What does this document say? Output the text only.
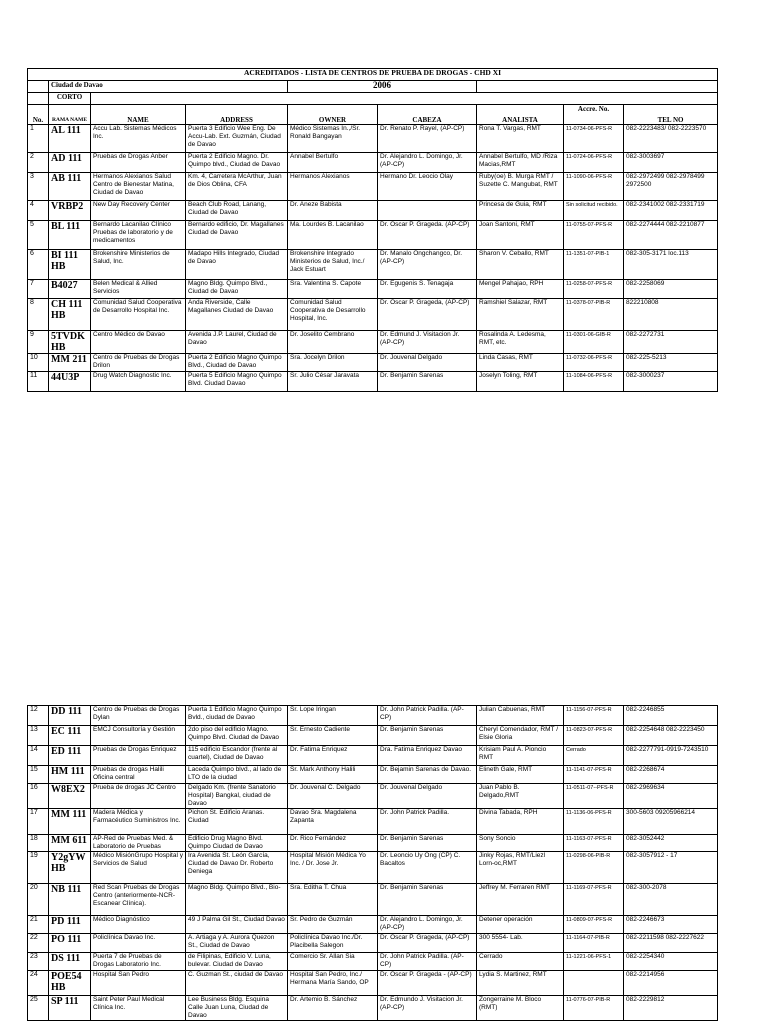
ACREDITADOS - LISTA DE CENTROS DE PRUEBA DE DROGAS - CHD XI								
	Ciudad de Davao			2006				
	CORTO							
No.	RAMA NAME	NAME	ADDRESS	OWNER	CABEZA	ANALISTA	Accre. No.	TEL NO
1	AL 111	Accu Lab. Sistemas Médicos Inc.	Puerta 3 Edificio Wee Eng. De Accu-Lab. Ext. Guzmán, Ciudad de Davao	Médico Sistemas In.,/Sr. Ronald Bangayan	Dr. Renato P. Rayel, (AP-CP)	Rona T. Vargas, RMT	11-0734-06-PFS-R	082-2223483/ 082-2223570
2	AD 111	Pruebas de Drogas Anber	Puerta 2 Edificio Magno. Dr. Quimpo blvd., Ciudad de Davao	Annabel Bertulfo	Dr. Alejandro L. Domingo, Jr. (AP-CP)	Annabel Bertulfo, MD /Riza Macias,RMT	11-0724-06-PFS-R	082-3003697
3	AB 111	Hermanos Alexianos Salud Centro de Bienestar Matina, Ciudad de Davao	Km. 4, Carretera McArthur, Juan de Dios Oblina, CFA	Hermanos Alexianos	Hermano Dr. Leocio Olay	Ruby(oe) B. Murga RMT / Suzette C. Mangubat, RMT	11-1090-06-PFS-R	082-2972499 082-2978499 2972500
4	VRBP2	New Day Recovery Center	Beach Club Road, Lanang, Ciudad de Davao	Dr. Aneze Babista		Princesa de Guia, RMT	Sin solicitud recibido.	082-2341002 082-2331719
5	BL 111	Bernardo Lacanilao Clínico Pruebas de laboratorio y de medicamentos	Bernardo edificio, Dr. Magallanes Ciudad de Davao	Ma. Lourdes B. Lacanilao	Dr. Oscar P. Grageda. (AP-CP)	Joan Santoni, RMT	11-0755-07-PFS-R	082-2274444 082-2210877
6	BI 111 HB	Brokenshire Ministerios de Salud, Inc.	Madapo Hills Integrado, Ciudad de Davao	Brokenshire Integrado Ministerios de Salud, Inc./ Jack Estuart	Dr. Manalo Ongchangco, Dr. (AP-CP)	Sharon V. Ceballo, RMT	11-1351-07-PIB-1	082-305-3171 loc.113
7	B4027	Belen Medical & Allied Servicios	Magno Bldg. Quimpo Blvd., Ciudad de Davao	Sra. Valentina S. Capote	Dr. Egugenis S. Tenagaja	Mengel Pahajao, RPH	11-0258-07-PFS-R	082-2258069
8	CH 111 HB	Comunidad Salud Cooperativa de Desarrollo Hospital Inc.	Anda Riverside, Calle Magallanes Ciudad de Davao	Comunidad Salud Cooperativa de Desarrollo Hospital, Inc.	Dr. Oscar P. Grageda, (AP-CP)	Ramshiel Salazar, RMT	11-0378-07-PIB-R	822210808
9	5TVDK HB	Centro Médico de Davao	Avenida J.P. Laurel, Ciudad de Davao	Dr. Joselito Cembrano	Dr. Edmund J. Visitacion Jr. (AP-CP)	Rosalinda A. Ledesma, RMT, etc.	11-0301-06-GIB-R	082-2272731
10	MM 211	Centro de Pruebas de Drogas Drilon	Puerta 2 Edificio Magno Quimpo Blvd., Ciudad de Davao	Sra. Jocelyn Drilon	Dr. Jouvenal Delgado	Linda Casas, RMT	11-0732-06-PFS-R	082-225-5213
11	44U3P	Drug Watch Diagnostic Inc.	Puerta 5 Edificio Magno Quimpo Blvd. Ciudad Davao	Sr. Julio César Jaravata	Dr. Benjamin Sarenas	Joselyn Toling, RMT	11-1084-06-PFS-R	082-3000237
12	DD 111	Centro de Pruebas de Drogas Dylan	Puerta 1 Edificio Magno Quimpo Bvld., ciudad de Davao	Sr. Lope Iringan	Dr. John Patrick Padilla. (AP-CP)	Julian Cabuenas, RMT	11-1156-07-PFS-R	082-2246855
13	EC 111	EMCJ Consultoría y Gestión	2do piso del edificio Magno. Quimpo Blvd. Ciudad de Davao	Sr. Ernesto Cadiente	Dr. Benjamin Sarenas	Cheryl Comendador, RMT / Elsie Gloria	11-0823-07-PFS-R	082-2254648 082-2223450
14	ED 111	Pruebas de Drogas Enriquez	115 edificio Escandor (frente al cuartel), Ciudad de Davao	Dr. Fatima Enriquez	Dra. Fatima Enriquez Davao	Krisiam Paul A. Pioncio RMT	Cerrado	082-2277791-0919-7243510
15	HM 111	Pruebas de drogas Halili Oficina central	Laceda Quimpo blvd., al lado de LTO de la ciudad	Sr. Mark Anthony Halili	Dr. Bejamin Sarenas de Davao.	Elineth Gale, RMT	11-1141-07-PFS-R	082-2268674
16	W8EX2	Prueba de drogas JC Centro	Delgado Km. (frente Sanatorio Hospital) Bangkal, ciudad de Davao	Dr. Jouvenal C. Delgado	Dr. Jouvenal Delgado	Juan Pablo B. Delgado,RMT	11-0511-07--PFS-R	082-2969634
17	MM 111	Madera Médica y Farmacéutico Suministros Inc.	Pichon St. Edificio Aranas. Ciudad	Davao Sra. Magdalena Zapanta	Dr. John Patrick Padilla.	Divina Tabada, RPH	11-1136-06-PFS-R	300-5603 09205966214
18	MM 611	AP-Red de Pruebas Med. & Laboratorio de Pruebas	Edificio Drug Magno Blvd. Quimpo Ciudad de Davao	Dr. Rico Fernández	Dr. Benjamin Sarenas	Sony Soncio	11-1163-07-PFS-R	082-3052442
19	Y2gYW HB	Médico MisiónGrupo Hospital y Servicios de Salud	Ira Avenida St. León García, Ciudad de Davao Dr. Roberto Deniega	Hospital Misión Médica Yo Inc. / Dr. Jose Jr.	Dr. Leoncio Uy Ong (CP) C. Bacaltos	Jinky Rojas, RMT/Liezl Lorn-oc,RMT	11-0298-06-PIB-R	082-3057912 - 17
20	NB 111	Red Scan Pruebas de Drogas Centro (anteriormente-NCR-Escanear Clínica).	Magno Bldg. Quimpo Blvd., Bio-	Sra. Editha T. Chua	Dr. Benjamin Sarenas	Jeffrey M. Ferraren RMT	11-1169-07-PFS-R	082-300-2078
21	PD 111	Médico Diagnóstico	49 J Palma Gil St., Ciudad Davao	Sr. Pedro de Guzmán	Dr. Alejandro L. Domingo, Jr. (AP-CP)	Detener operación	11-0809-07-PFS-R	082-2246673
22	PO 111	Policlínica Davao Inc.	A. Artiaga y A. Aurora Quezon St., Ciudad de Davao	Policlínica Davao Inc./Dr. Placibella Salegon	Dr. Oscar P. Grageda, (AP-CP)	300 5554- Lab.	11-1164-07-PIB-R	082-2211598 082-2227622
23	DS 111	Puerta 7 de Pruebas de Drogas Laboratorio Inc.	de Filipinas, Edificio V. Luna, bulevar. Ciudad de Davao	Comercio Sr. Allan Sia	Dr. John Patrick Padilla. (AP-CP)	Cerrado	11-1221-06-PFS-1	082-2254340
24	POE54 HB	Hospital San Pedro	C. Guzman St., ciudad de Davao	Hospital San Pedro, Inc./ Hermana María Sando, OP	Dr. Oscar P. Grageda - (AP-CP)	Lydia S. Martinez, RMT		082-2214956
25	SP 111	Saint Peter Paul Medical Clínica Inc.	Lee Business Bldg. Esquina Calle Juan Luna, Ciudad de Davao	Dr. Artemio B. Sánchez	Dr. Edmundo J. Visitacion Jr. (AP-CP)	Zongerraine M. Bloco (RMT)	11-0776-07-PIB-R	082-2229812
